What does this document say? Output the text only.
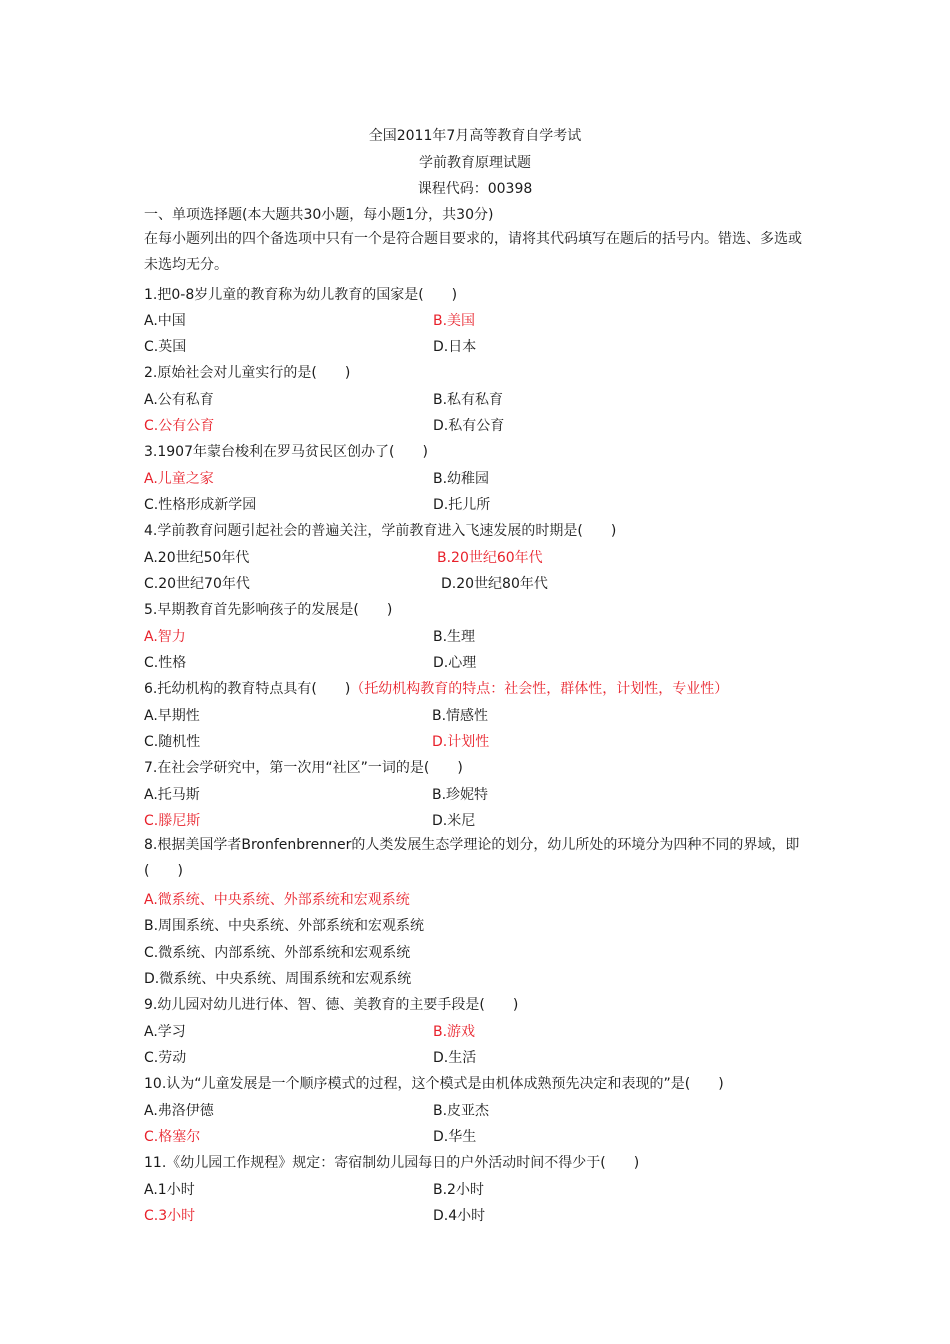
全国2011年7月高等教育自学考试
学前教育原理试题
课程代码：00398
一、单项选择题(本大题共30小题，每小题1分，共30分)
在每小题列出的四个备选项中只有一个是符合题目要求的，请将其代码填写在题后的括号内。错选、多选或未选均无分。
1.把0-8岁儿童的教育称为幼儿教育的国家是(　　)
A.中国	B.美国
C.英国	D.日本
2.原始社会对儿童实行的是(　　)
A.公有私育	B.私有私育
C.公有公育	D.私有公育
3.1907年蒙台梭利在罗马贫民区创办了(　　)
A.儿童之家	B.幼稚园
C.性格形成新学园	D.托儿所
4.学前教育问题引起社会的普遍关注，学前教育进入飞速发展的时期是(　　)
A.20世纪50年代	B.20世纪60年代
C.20世纪70年代	D.20世纪80年代
5.早期教育首先影响孩子的发展是(　　)
A.智力	B.生理
C.性格	D.心理
6.托幼机构的教育特点具有(　　)（托幼机构教育的特点：社会性，群体性，计划性，专业性）
A.早期性	B.情感性
C.随机性	D.计划性
7.在社会学研究中，第一次用“社区”一词的是(　　)
A.托马斯	B.珍妮特
C.滕尼斯	D.米尼
8.根据美国学者Bronfenbrenner的人类发展生态学理论的划分，幼儿所处的环境分为四种不同的界域，即(　　)
A.微系统、中央系统、外部系统和宏观系统
B.周围系统、中央系统、外部系统和宏观系统
C.微系统、内部系统、外部系统和宏观系统
D.微系统、中央系统、周围系统和宏观系统
9.幼儿园对幼儿进行体、智、德、美教育的主要手段是(　　)
A.学习	B.游戏
C.劳动	D.生活
10.认为“儿童发展是一个顺序模式的过程，这个模式是由机体成熟预先决定和表现的”是(　　)
A.弗洛伊德	B.皮亚杰
C.格塞尔	D.华生
11.《幼儿园工作规程》规定：寄宿制幼儿园每日的户外活动时间不得少于(　　)
A.1小时	B.2小时
C.3小时	D.4小时
